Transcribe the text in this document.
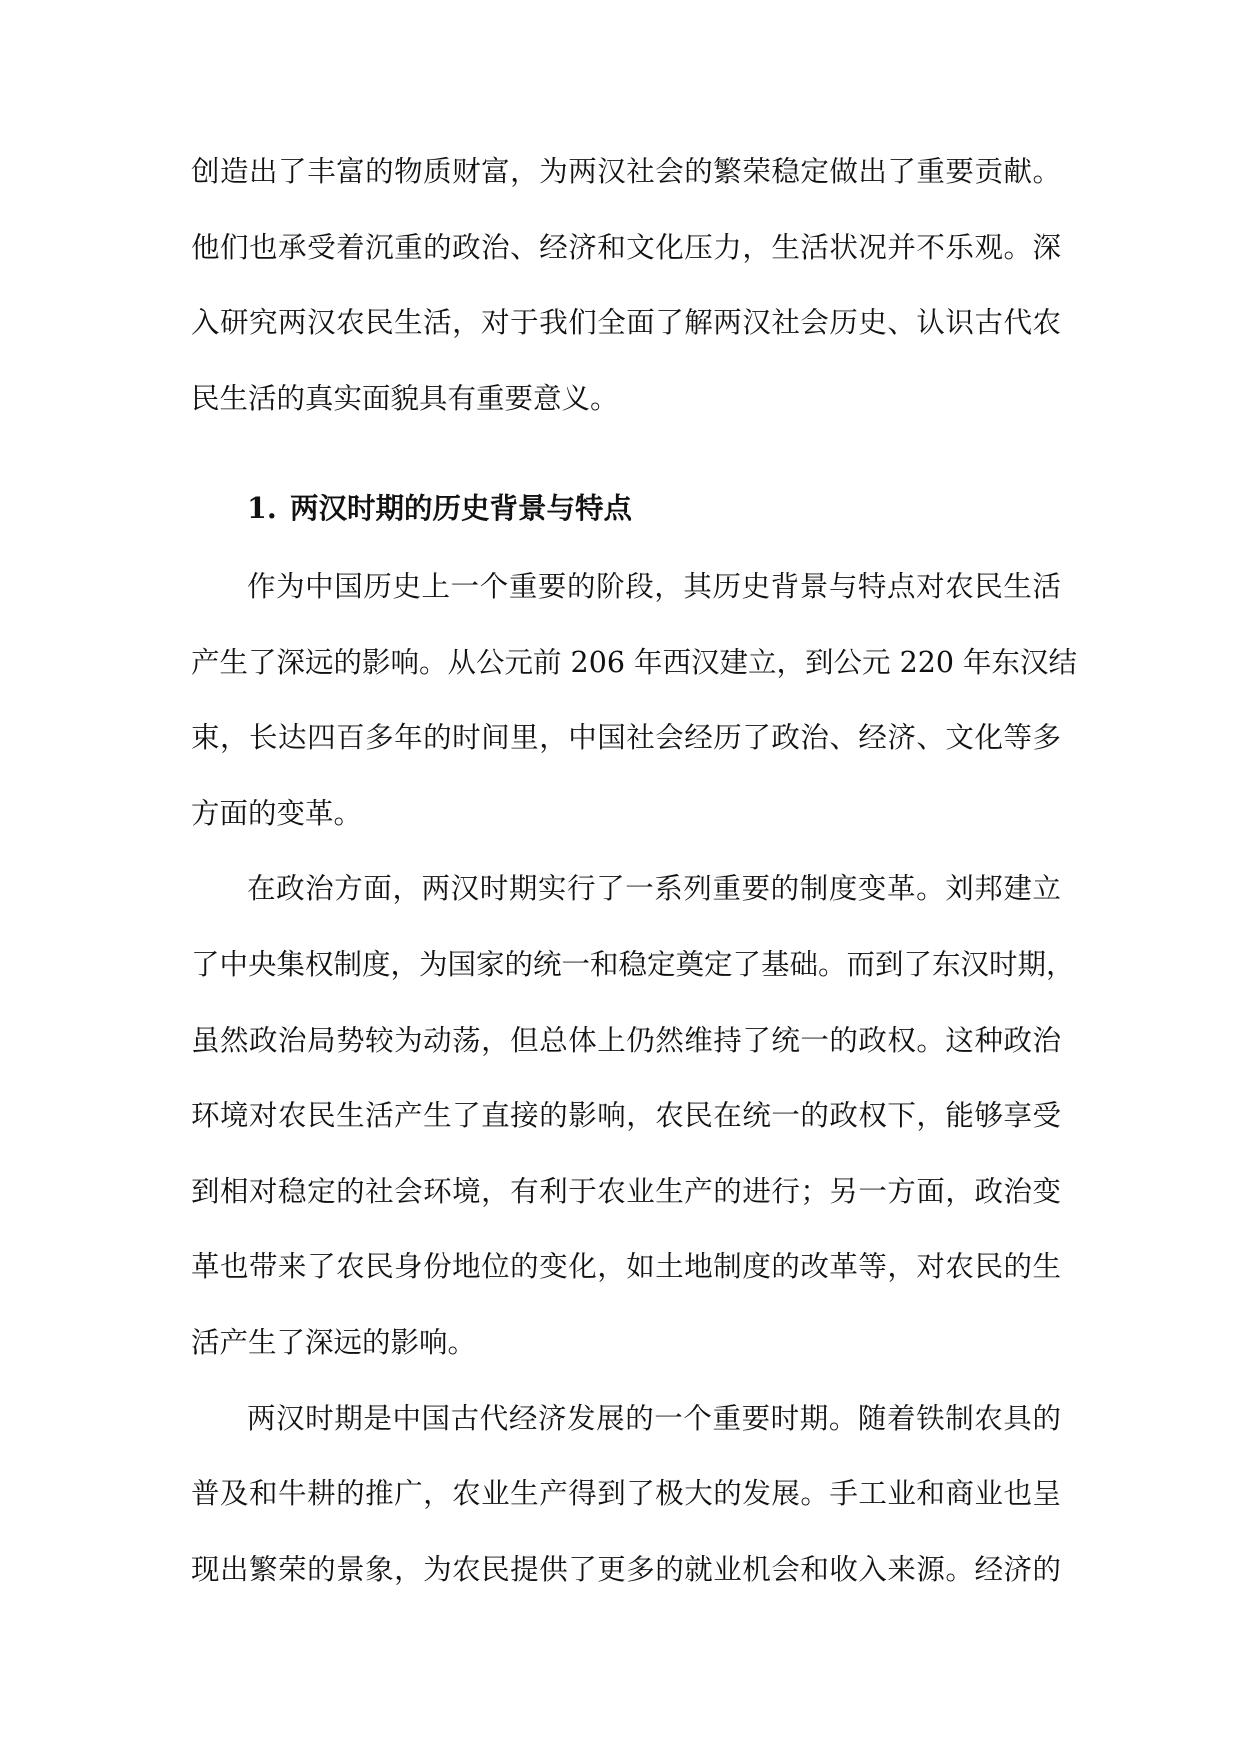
创造出了丰富的物质财富，为两汉社会的繁荣稳定做出了重要贡献。
他们也承受着沉重的政治、经济和文化压力，生活状况并不乐观。深
入研究两汉农民生活，对于我们全面了解两汉社会历史、认识古代农
民生活的真实面貌具有重要意义。
1. 两汉时期的历史背景与特点
作为中国历史上一个重要的阶段，其历史背景与特点对农民生活
产生了深远的影响。从公元前 206 年西汉建立，到公元 220 年东汉结
束，长达四百多年的时间里，中国社会经历了政治、经济、文化等多
方面的变革。
在政治方面，两汉时期实行了一系列重要的制度变革。刘邦建立
了中央集权制度，为国家的统一和稳定奠定了基础。而到了东汉时期，
虽然政治局势较为动荡，但总体上仍然维持了统一的政权。这种政治
环境对农民生活产生了直接的影响，农民在统一的政权下，能够享受
到相对稳定的社会环境，有利于农业生产的进行；另一方面，政治变
革也带来了农民身份地位的变化，如土地制度的改革等，对农民的生
活产生了深远的影响。
两汉时期是中国古代经济发展的一个重要时期。随着铁制农具的
普及和牛耕的推广，农业生产得到了极大的发展。手工业和商业也呈
现出繁荣的景象，为农民提供了更多的就业机会和收入来源。经济的
